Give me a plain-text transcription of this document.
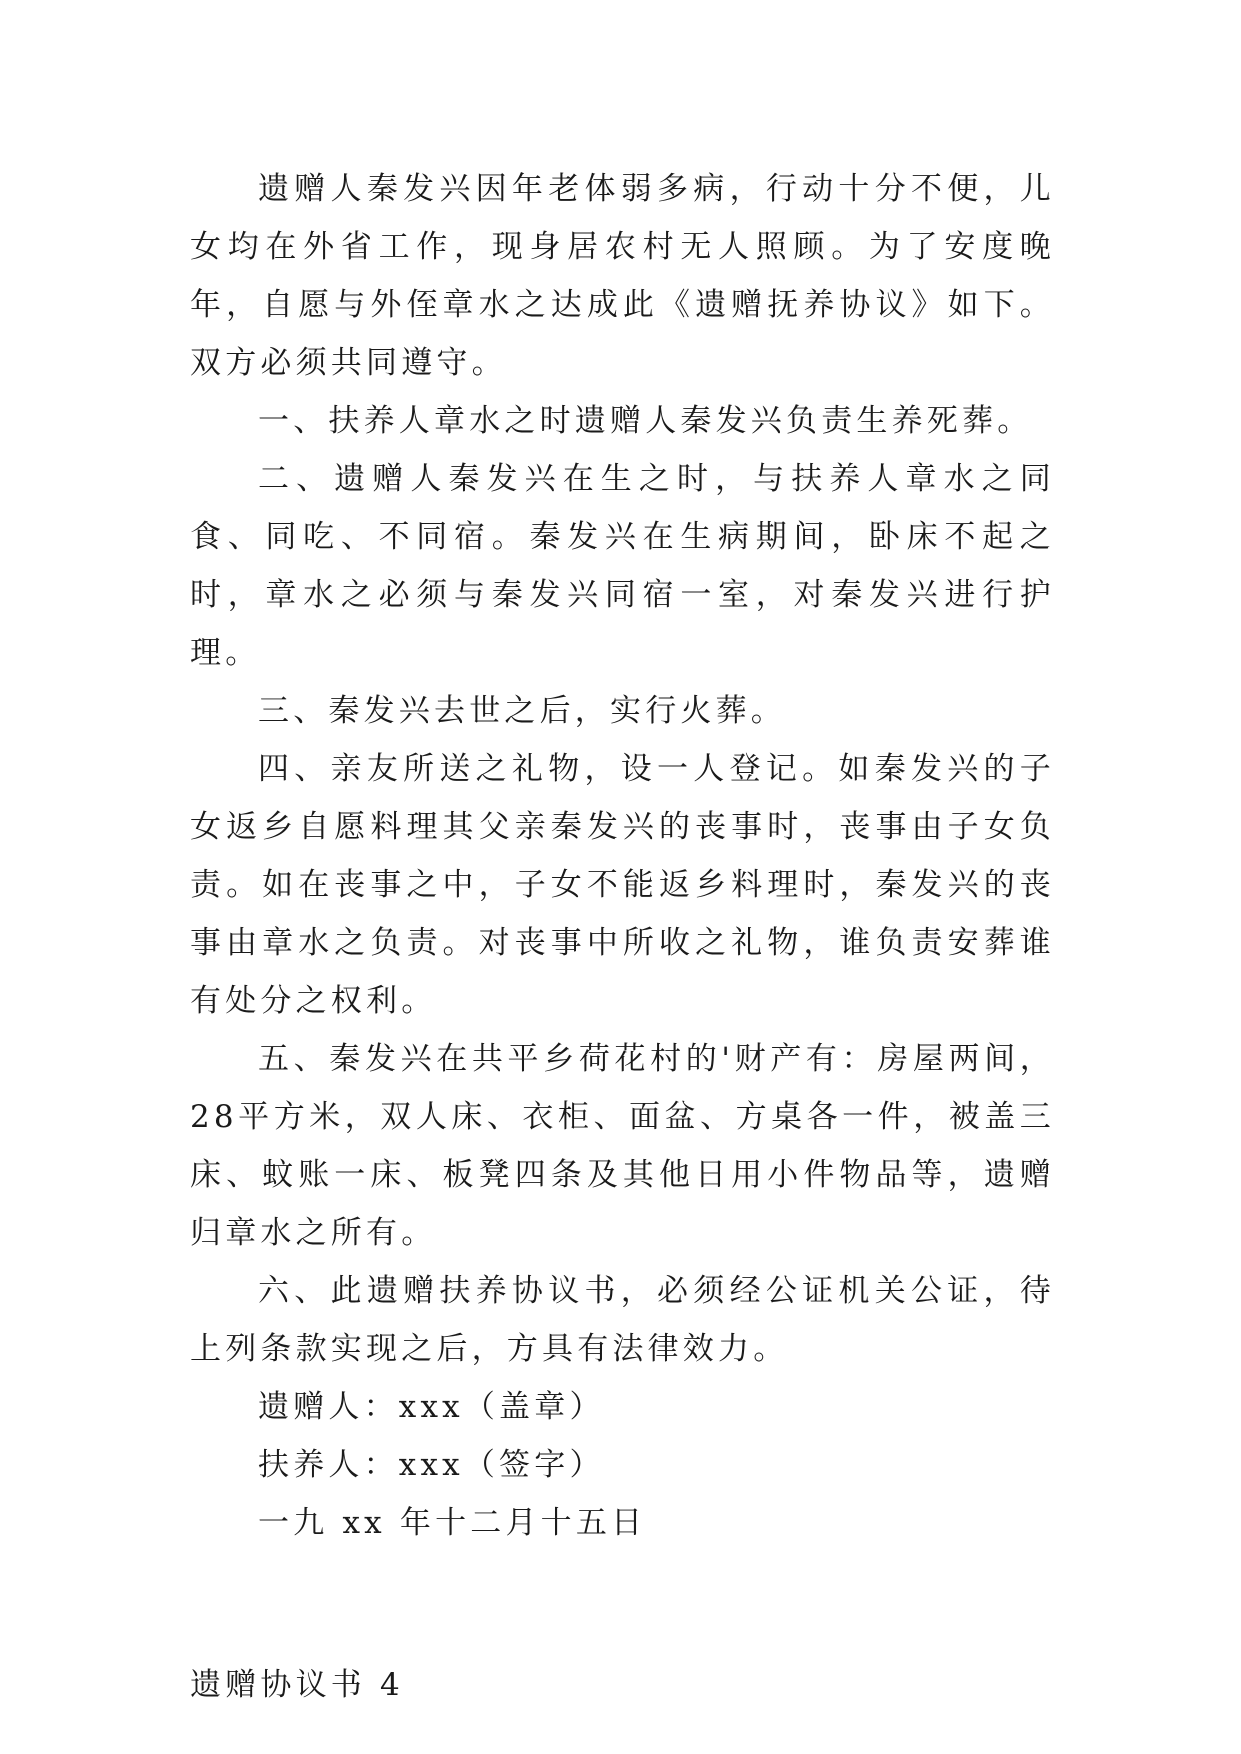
遗赠人秦发兴因年老体弱多病，行动十分不便，儿女均在外省工作，现身居农村无人照顾。为了安度晚年，自愿与外侄章水之达成此《遗赠抚养协议》如下。双方必须共同遵守。

一、扶养人章水之时遗赠人秦发兴负责生养死葬。

二、遗赠人秦发兴在生之时，与扶养人章水之同食、同吃、不同宿。秦发兴在生病期间，卧床不起之时，章水之必须与秦发兴同宿一室，对秦发兴进行护理。

三、秦发兴去世之后，实行火葬。

四、亲友所送之礼物，设一人登记。如秦发兴的子女返乡自愿料理其父亲秦发兴的丧事时，丧事由子女负责。如在丧事之中，子女不能返乡料理时，秦发兴的丧事由章水之负责。对丧事中所收之礼物，谁负责安葬谁有处分之权利。

五、秦发兴在共平乡荷花村的'财产有：房屋两间，28平方米，双人床、衣柜、面盆、方桌各一件，被盖三床、蚊账一床、板凳四条及其他日用小件物品等，遗赠归章水之所有。

六、此遗赠扶养协议书，必须经公证机关公证，待上列条款实现之后，方具有法律效力。

遗赠人：xxx（盖章）

扶养人：xxx（签字）

一九 xx 年十二月十五日

遗赠协议书 4
